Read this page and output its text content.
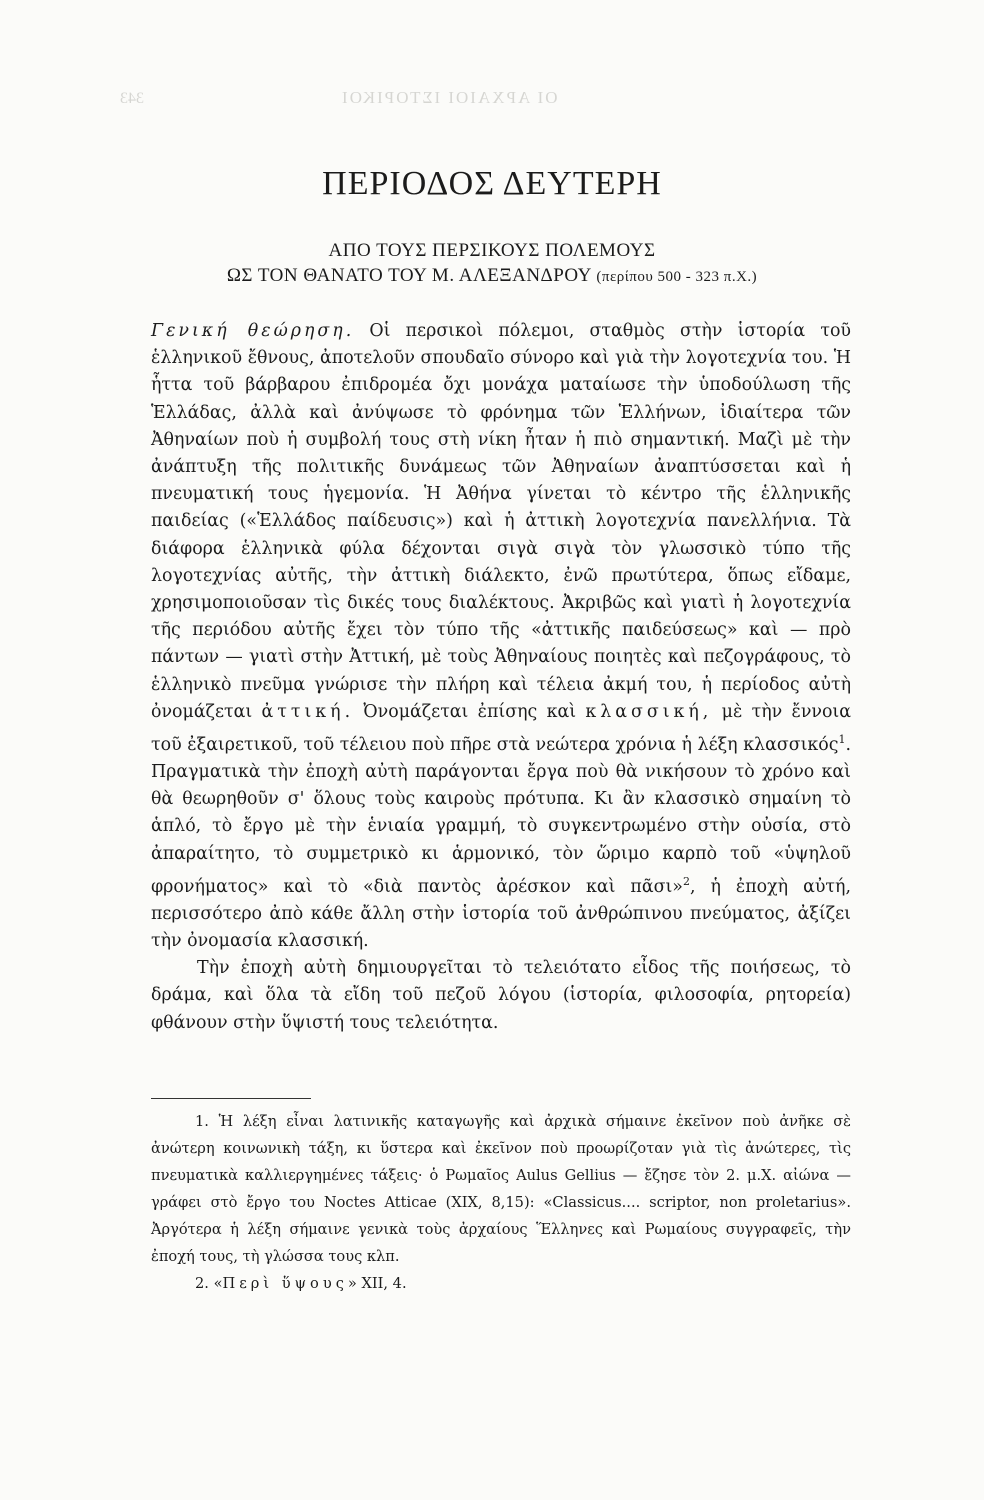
ΟΙ ΑΡΧΑΙΟΙ ΙΣΤΟΡΙΚΟΙ
343
ΠΕΡΙΟΔΟΣ ΔΕΥΤΕΡΗ
ΑΠΟ ΤΟΥΣ ΠΕΡΣΙΚΟΥΣ ΠΟΛΕΜΟΥΣ
ΩΣ ΤΟΝ ΘΑΝΑΤΟ ΤΟΥ Μ. ΑΛΕΞΑΝΔΡΟΥ (περίπου 500 - 323 π.Χ.)

Γενική θεώρηση. Οἱ περσικοὶ πόλεμοι, σταθμὸς στὴν ἱστορία τοῦ ἑλληνικοῦ ἔθνους, ἀποτελοῦν σπουδαῖο σύνορο καὶ γιὰ τὴν λογοτεχνία του. Ἡ ἧττα τοῦ βάρβαρου ἐπιδρομέα ὄχι μονάχα ματαίωσε τὴν ὑποδούλωση τῆς Ἑλλάδας, ἀλλὰ καὶ ἀνύψωσε τὸ φρόνημα τῶν Ἑλλήνων, ἰδιαίτερα τῶν Ἀθηναίων ποὺ ἡ συμβολή τους στὴ νίκη ἦταν ἡ πιὸ σημαντική. Μαζὶ μὲ τὴν ἀνάπτυξη τῆς πολιτικῆς δυνάμεως τῶν Ἀθηναίων ἀναπτύσσεται καὶ ἡ πνευματική τους ἡγεμονία. Ἡ Ἀθήνα γίνεται τὸ κέντρο τῆς ἑλληνικῆς παιδείας («Ἑλλάδος παίδευσις») καὶ ἡ ἀττικὴ λογοτεχνία πανελλήνια. Τὰ διάφορα ἑλληνικὰ φύλα δέχονται σιγὰ σιγὰ τὸν γλωσσικὸ τύπο τῆς λογοτεχνίας αὐτῆς, τὴν ἀττικὴ διάλεκτο, ἐνῶ πρωτύτερα, ὅπως εἴδαμε, χρησιμοποιοῦσαν τὶς δικές τους διαλέκτους. Ἀκριβῶς καὶ γιατὶ ἡ λογοτεχνία τῆς περιόδου αὐτῆς ἔχει τὸν τύπο τῆς «ἀττικῆς παιδεύσεως» καὶ — πρὸ πάντων — γιατὶ στὴν Ἀττική, μὲ τοὺς Ἀθηναίους ποιητὲς καὶ πεζογράφους, τὸ ἑλληνικὸ πνεῦμα γνώρισε τὴν πλήρη καὶ τέλεια ἀκμή του, ἡ περίοδος αὐτὴ ὀνομάζεται ἀττική. Ὀνομάζεται ἐπίσης καὶ κλασσική, μὲ τὴν ἔννοια τοῦ ἐξαιρετικοῦ, τοῦ τέλειου ποὺ πῆρε στὰ νεώτερα χρόνια ἡ λέξη κλασσικός$^1$. Πραγματικὰ τὴν ἐποχὴ αὐτὴ παράγονται ἔργα ποὺ θὰ νικήσουν τὸ χρόνο καὶ θὰ θεωρηθοῦν σ' ὅλους τοὺς καιροὺς πρότυπα. Κι ἂν κλασσικὸ σημαίνη τὸ ἁπλό, τὸ ἔργο μὲ τὴν ἑνιαία γραμμή, τὸ συγκεντρωμένο στὴν οὐσία, στὸ ἀπαραίτητο, τὸ συμμετρικὸ κι ἁρμονικό, τὸν ὥριμο καρπὸ τοῦ «ὑψηλοῦ φρονήματος» καὶ τὸ «διὰ παντὸς ἀρέσκον καὶ πᾶσι»$^2$, ἡ ἐποχὴ αὐτή, περισσότερο ἀπὸ κάθε ἄλλη στὴν ἱστορία τοῦ ἀνθρώπινου πνεύματος, ἀξίζει τὴν ὀνομασία κλασσική.

Τὴν ἐποχὴ αὐτὴ δημιουργεῖται τὸ τελειότατο εἶδος τῆς ποιήσεως, τὸ δράμα, καὶ ὅλα τὰ εἴδη τοῦ πεζοῦ λόγου (ἱστορία, φιλοσοφία, ρητορεία) φθάνουν στὴν ὕψιστή τους τελειότητα.

1. Ἡ λέξη εἶναι λατινικῆς καταγωγῆς καὶ ἀρχικὰ σήμαινε ἐκεῖνον ποὺ ἀνῆκε σὲ ἀνώτερη κοινωνικὴ τάξη, κι ὕστερα καὶ ἐκεῖνον ποὺ προωρίζοταν γιὰ τὶς ἀνώτερες, τὶς πνευματικὰ καλλιεργημένες τάξεις· ὁ Ρωμαῖος Aulus Gellius — ἔζησε τὸν 2. μ.Χ. αἰώνα — γράφει στὸ ἔργο του Noctes Atticae (XIX, 8,15): «Classicus.... scriptor, non proletarius». Ἀργότερα ἡ λέξη σήμαινε γενικὰ τοὺς ἀρχαίους Ἕλληνες καὶ Ρωμαίους συγγραφεῖς, τὴν ἐποχή τους, τὴ γλώσσα τους κλπ.

2. «Περὶ ὕψους» XII, 4.
